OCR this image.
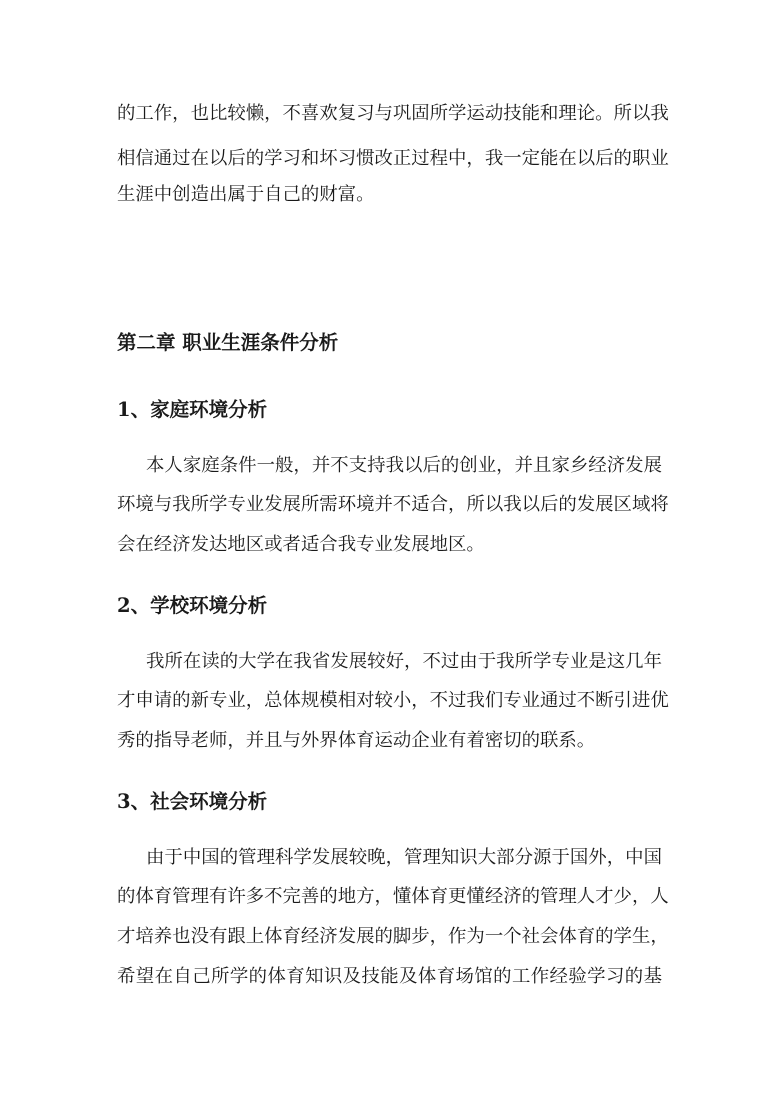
的工作，也比较懒，不喜欢复习与巩固所学运动技能和理论。所以我
相信通过在以后的学习和坏习惯改正过程中，我一定能在以后的职业
生涯中创造出属于自己的财富。
第二章 职业生涯条件分析
1、家庭环境分析
本人家庭条件一般，并不支持我以后的创业，并且家乡经济发展
环境与我所学专业发展所需环境并不适合，所以我以后的发展区域将
会在经济发达地区或者适合我专业发展地区。
2、学校环境分析
我所在读的大学在我省发展较好，不过由于我所学专业是这几年
才申请的新专业，总体规模相对较小，不过我们专业通过不断引进优
秀的指导老师，并且与外界体育运动企业有着密切的联系。
3、社会环境分析
由于中国的管理科学发展较晚，管理知识大部分源于国外，中国
的体育管理有许多不完善的地方，懂体育更懂经济的管理人才少，人
才培养也没有跟上体育经济发展的脚步，作为一个社会体育的学生，
希望在自己所学的体育知识及技能及体育场馆的工作经验学习的基
